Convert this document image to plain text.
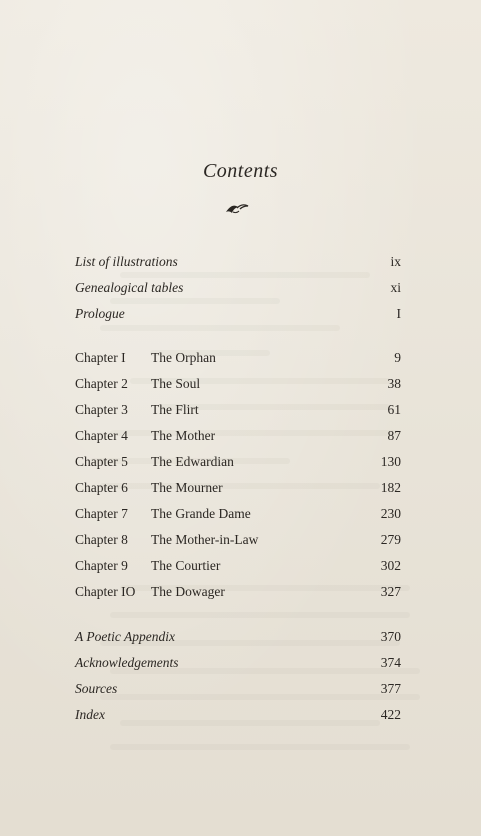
Contents
List of illustrations	ix
Genealogical tables	xi
Prologue	I
Chapter I The Orphan	9
Chapter 2 The Soul	38
Chapter 3 The Flirt	61
Chapter 4 The Mother	87
Chapter 5 The Edwardian	130
Chapter 6 The Mourner	182
Chapter 7 The Grande Dame	230
Chapter 8 The Mother-in-Law	279
Chapter 9 The Courtier	302
Chapter IO The Dowager	327
A Poetic Appendix	370
Acknowledgements	374
Sources	377
Index	422
